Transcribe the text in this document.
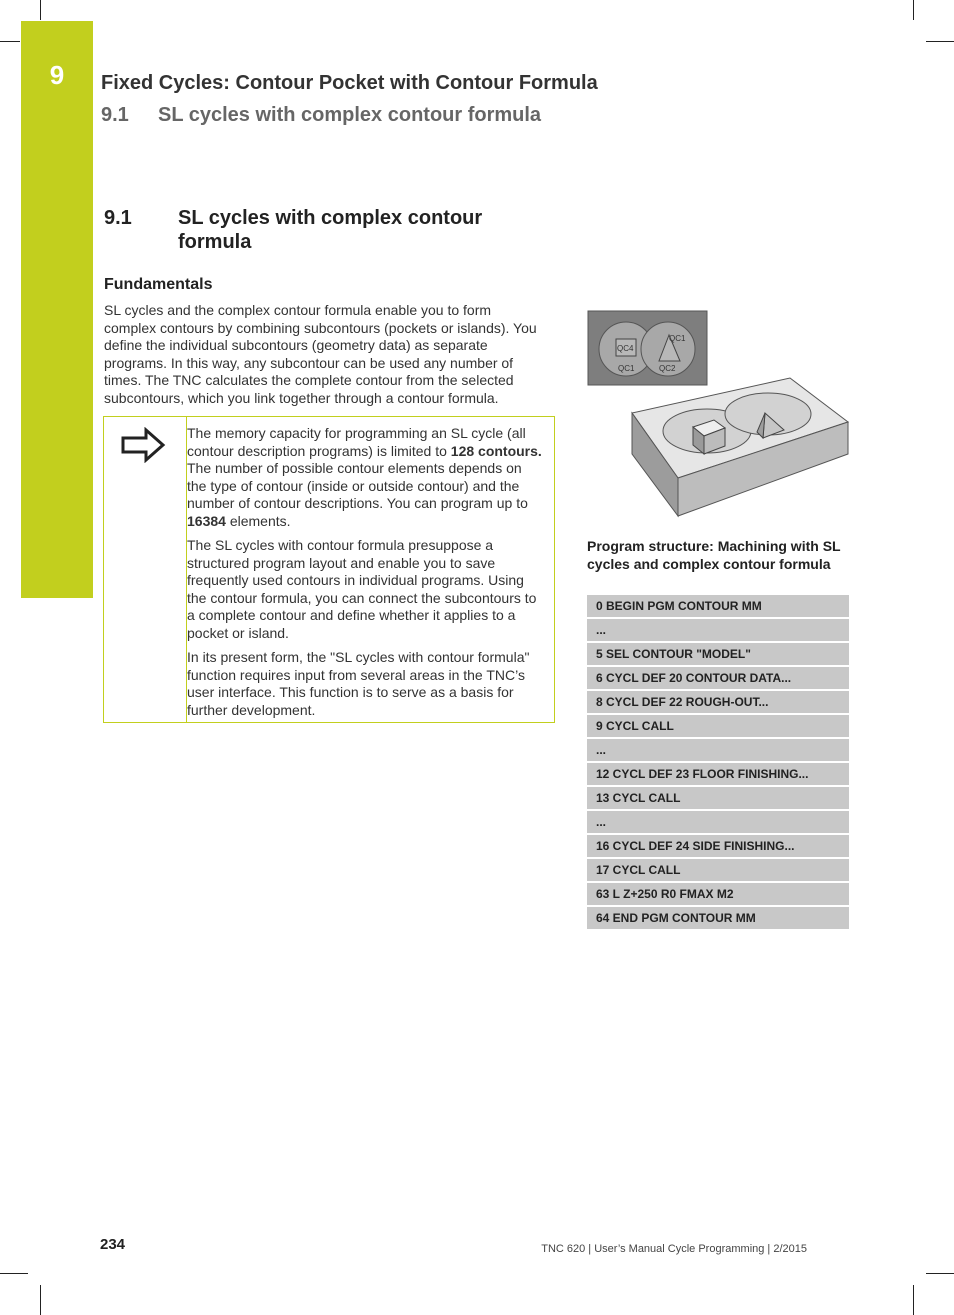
9	Fixed Cycles: Contour Pocket with Contour Formula
9.1 SL cycles with complex contour formula
9.1 SL cycles with complex contour formula
Fundamentals

SL cycles and the complex contour formula enable you to form complex contours by combining subcontours (pockets or islands). You define the individual subcontours (geometry data) as separate programs. In this way, any subcontour can be used any number of times. The TNC calculates the complete contour from the selected subcontours, which you link together through a contour formula.

The memory capacity for programming an SL cycle (all contour description programs) is limited to 128 contours. The number of possible contour elements depends on the type of contour (inside or outside contour) and the number of contour descriptions. You can program up to 16384 elements.

The SL cycles with contour formula presuppose a structured program layout and enable you to save frequently used contours in individual programs. Using the contour formula, you can connect the subcontours to a complete contour and define whether it applies to a pocket or island.

In its present form, the "SL cycles with contour formula" function requires input from several areas in the TNC’s user interface. This function is to serve as a basis for further development.

QC4
QC1
QC1	QC2
Program structure: Machining with SL cycles and complex contour formula
0 BEGIN PGM CONTOUR MM
...
5 SEL CONTOUR "MODEL"
6 CYCL DEF 20 CONTOUR DATA...
8 CYCL DEF 22 ROUGH-OUT...
9 CYCL CALL
...
12 CYCL DEF 23 FLOOR FINISHING...
13 CYCL CALL
...
16 CYCL DEF 24 SIDE FINISHING...
17 CYCL CALL
63 L Z+250 R0 FMAX M2
64 END PGM CONTOUR MM
234	TNC 620 | User’s Manual Cycle Programming | 2/2015
